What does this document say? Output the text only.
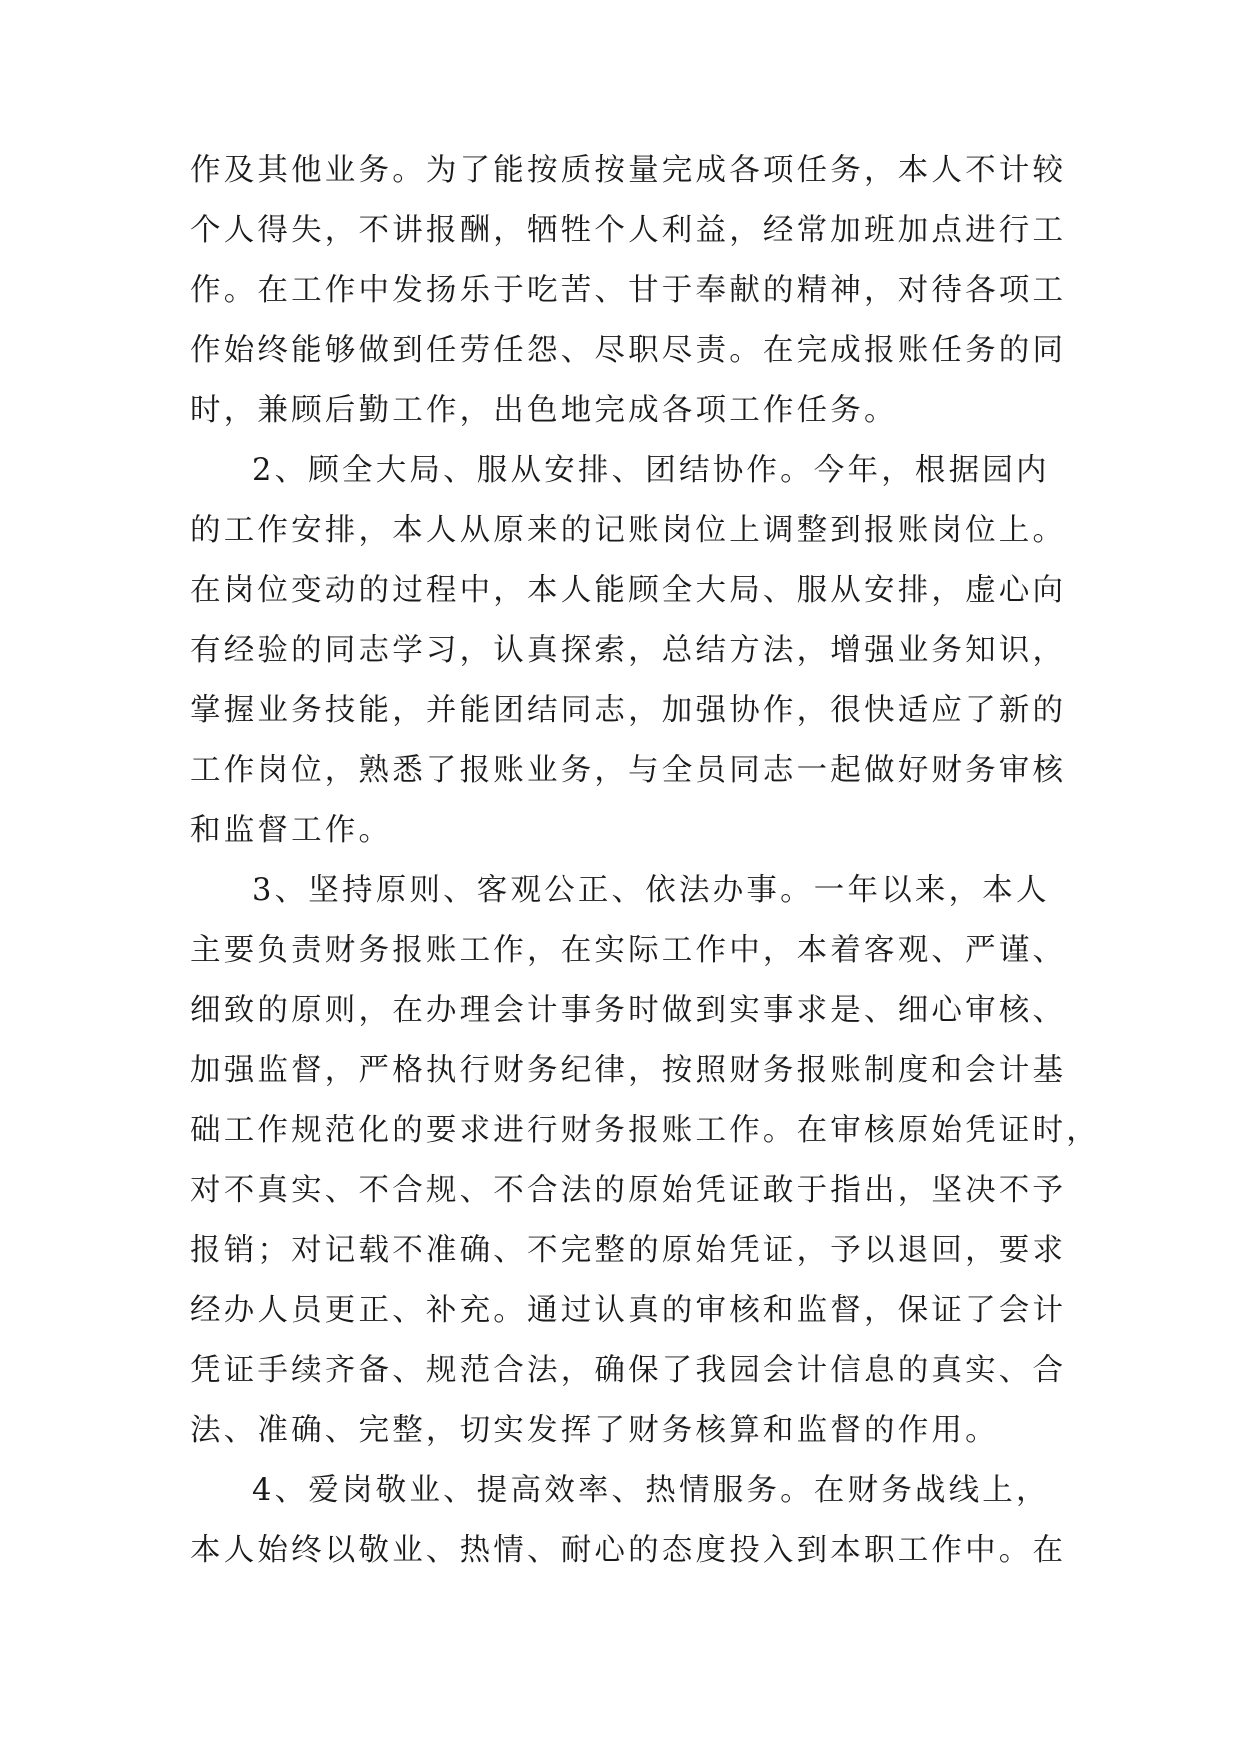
作及其他业务。为了能按质按量完成各项任务，本人不计较
个人得失，不讲报酬，牺牲个人利益，经常加班加点进行工
作。在工作中发扬乐于吃苦、甘于奉献的精神，对待各项工
作始终能够做到任劳任怨、尽职尽责。在完成报账任务的同
时，兼顾后勤工作，出色地完成各项工作任务。
2、顾全大局、服从安排、团结协作。今年，根据园内
的工作安排，本人从原来的记账岗位上调整到报账岗位上。
在岗位变动的过程中，本人能顾全大局、服从安排，虚心向
有经验的同志学习，认真探索，总结方法，增强业务知识，
掌握业务技能，并能团结同志，加强协作，很快适应了新的
工作岗位，熟悉了报账业务，与全员同志一起做好财务审核
和监督工作。
3、坚持原则、客观公正、依法办事。一年以来，本人
主要负责财务报账工作，在实际工作中，本着客观、严谨、
细致的原则，在办理会计事务时做到实事求是、细心审核、
加强监督，严格执行财务纪律，按照财务报账制度和会计基
础工作规范化的要求进行财务报账工作。在审核原始凭证时，
对不真实、不合规、不合法的原始凭证敢于指出，坚决不予
报销；对记载不准确、不完整的原始凭证，予以退回，要求
经办人员更正、补充。通过认真的审核和监督，保证了会计
凭证手续齐备、规范合法，确保了我园会计信息的真实、合
法、准确、完整，切实发挥了财务核算和监督的作用。
4、爱岗敬业、提高效率、热情服务。在财务战线上，
本人始终以敬业、热情、耐心的态度投入到本职工作中。在
